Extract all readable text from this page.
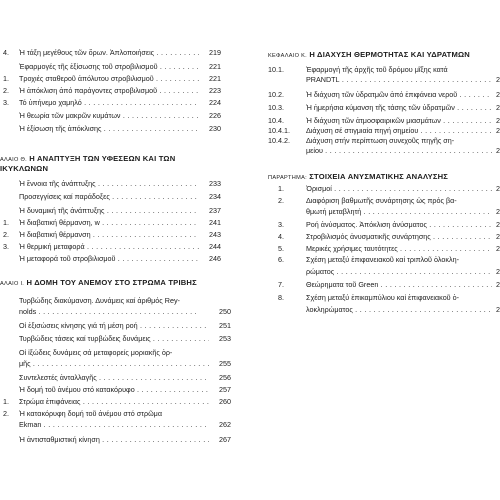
4. Ἡ τάξη μεγέθους τῶν ὅρων. Ἀπλοποιήσεις . . .	219
Ἐφαρμογές τῆς ἐξίσωσης τοῦ στροβιλισμοῦ . . .	221
1. Τροχιές σταθεροῦ ἀπόλυτου στροβιλισμοῦ . . .	221
2. Ἡ ἀπόκλιση ἀπό παράγοντες στροβιλισμοῦ . . .	223
3. Τό ὑπήνεμο χαμηλό . . .	224
Ἡ θεωρία τῶν μακρῶν κυμάτων . . .	226
Ἡ ἐξίσωση τῆς ἀπόκλισης . . .	230
ΑΛΑΙΟ Θ. Η ΑΝΑΠΤΥΞΗ ΤΩΝ ΥΦΕΣΕΩΝ ΚΑΙ ΤΩΝ
ΙΚΥΚΛΩΝΩΝ
Ἡ ἔννοια τῆς ἀνάπτυξης . . .	233
Προσεγγίσεις καί παράδοξες . . .	234
Ἡ δυναμική τῆς ἀνάπτυξης . . .	237
1. Ἡ διαβατική θέρμανση, w . . .	241
2. Ἡ διαβατική θέρμανση . . .	243
3. Ἡ θερμική μεταφορά . . .	244
Ἡ μεταφορά τοῦ στροβιλισμοῦ . . .	246
ΑΛΑΙΟ Ι. Η ΔΟΜΗ ΤΟΥ ΑΝΕΜΟΥ ΣΤΟ ΣΤΡΩΜΑ ΤΡΙΒΗΣ
Τυρβώδης διακύμανση. Δυνάμεις καί ἀριθμός Rey-
nolds . . .	250
Οἱ ἐξισώσεις κίνησης γιά τή μέση ροή . . .	251
Τυρβώδεις τάσεις καί τυρβώδεις δυνάμεις . . .	253
Οἱ ἰξώδεις δυνάμεις σά μεταφορείς μοριακῆς ὁρ-
μῆς . . .	255
Συντελεστές ἀνταλλαγῆς . . .	256
Ἡ δομή τοῦ ἀνέμου στό κατακόρυφο . . .	257
1. Στρώμα ἐπιφάνειας . . .	260
2. Ἡ κατακόρυφη δομή τοῦ ἀνέμου στό στρῶμα
Ekman . . .	262
Ἡ ἀντισταθμιστική κίνηση . . .	267
ΚΕΦΑΛΑΙΟ Κ. Η ΔΙΑΧΥΣΗ ΘΕΡΜΟΤΗΤΑΣ ΚΑΙ ΥΔΡΑΤΜΩΝ
10.1.	Ἐφαρμογή τῆς ἀρχῆς τοῦ δρόμου μῖξης κατά
PRANDTL . . .	2
10.2.	Ἡ διάχυση τῶν ὑδρατμῶν ἀπό ἐπιφάνεια νεροῦ . . .	2
10.3.	Ἡ ἡμερήσια κύμανση τῆς τάσης τῶν ὑδρατμῶν . . .	2
10.4.	Ἡ διάχυση τῶν ἀτμοσφαιρικῶν μιασμάτων . . .	2
10.4.1. Διάχυση σέ στιγμιαία πηγή σημείου . . .	2
10.4.2. Διάχυση στήν περίπτωση συνεχοῦς πηγῆς ση-
μείου . . .	2
ΠΑΡΑΡΤΗΜΑ: ΣΤΟΙΧΕΙΑ ΑΝΥΣΜΑΤΙΚΗΣ ΑΝΑΛΥΣΗΣ
1.	Ὁρισμοί . . .	2
2.	Διαφόριση βαθμωτῆς συνάρτησης ὡς πρός βα-
θμωτή μεταβλητή . . .	2
3.	Ροή ἀνύσματος. Ἀπόκλιση ἀνύσματος . . .	2
4.	Στροβιλισμός ἀνυσματικῆς συνάρτησης . . .	2
5.	Μερικές χρήσιμες ταυτότητες . . .	2
6.	Σχέση μεταξύ ἐπιφανειακοῦ καί τριπλοῦ ὁλοκλη-
ρώματος . . .	2
7.	Θεώρηματα τοῦ Green . . .	2
8.	Σχέση μεταξύ ἐπικαμπύλιου καί ἐπιφανειακοῦ ὁ-
λοκληρώματος . . .	2
